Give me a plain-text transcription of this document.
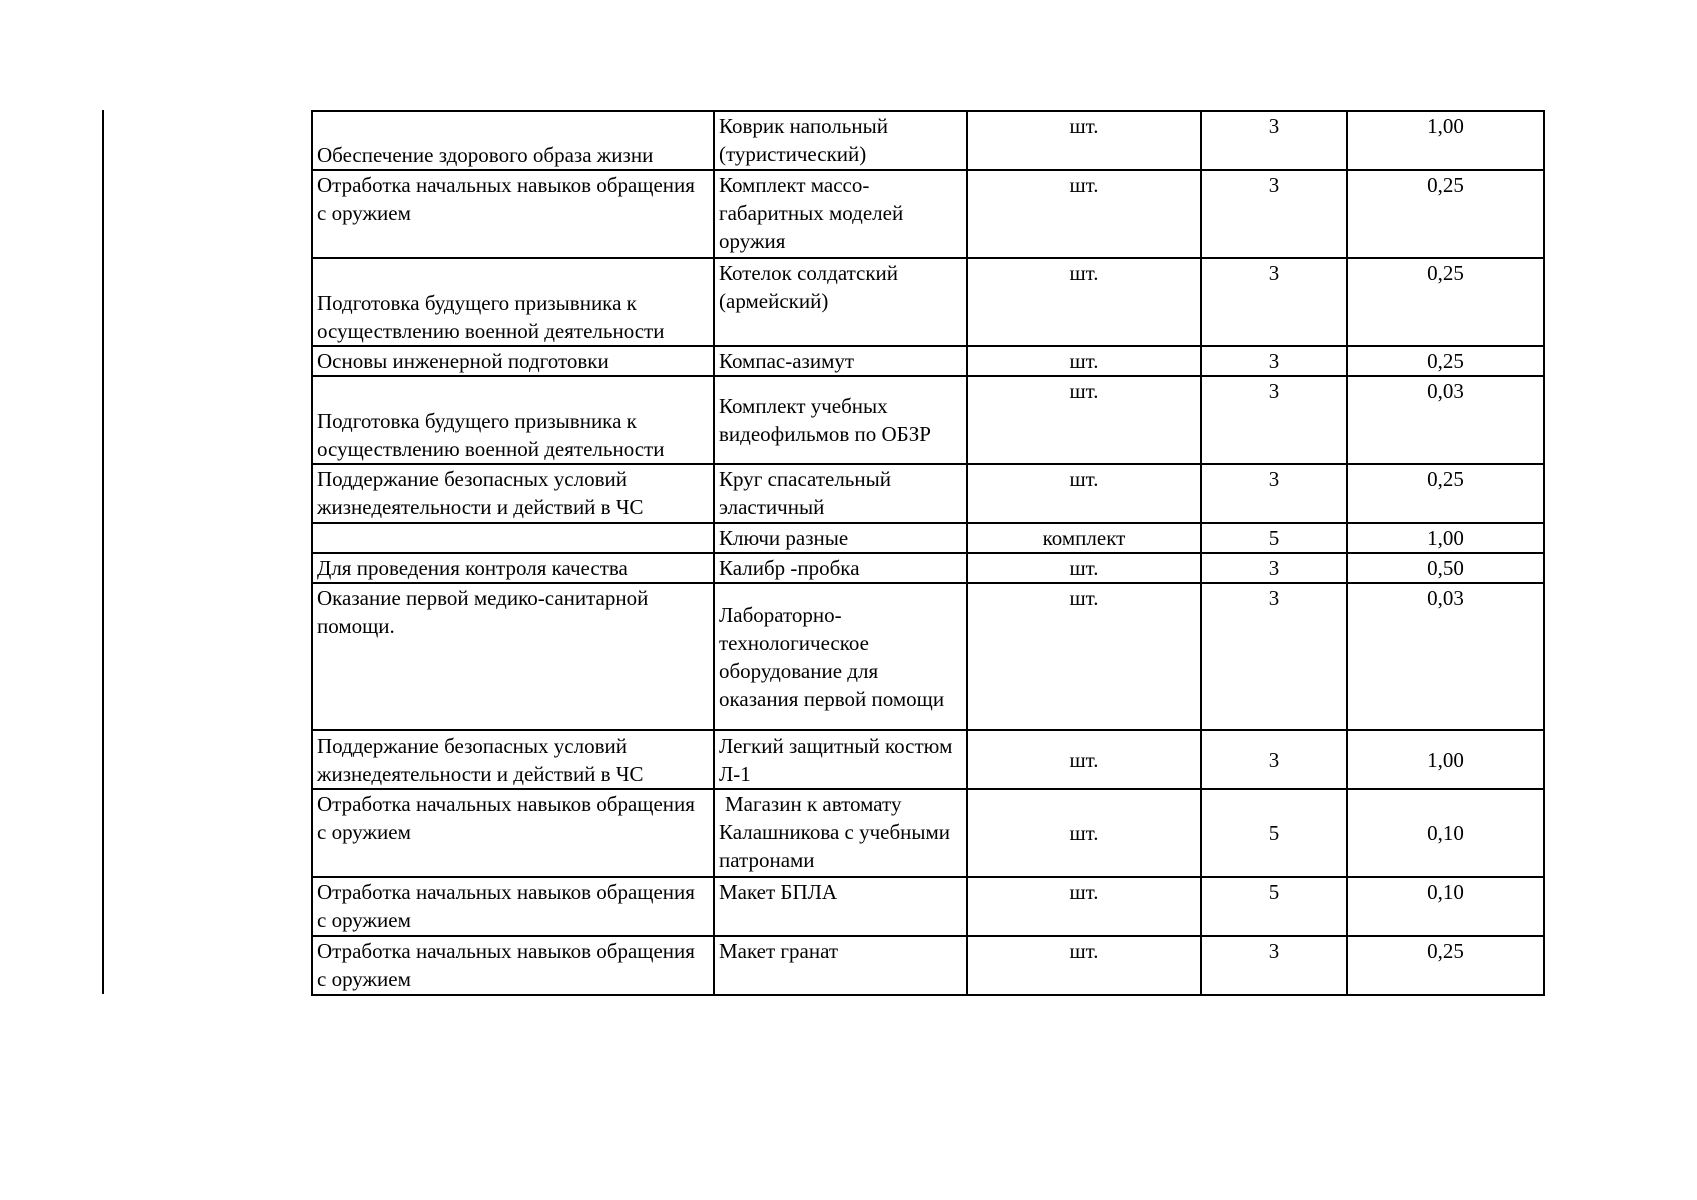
Обеспечение здорового образа жизни	Коврик напольный (туристический)	шт.	3	1,00
Отработка начальных навыков обращения с оружием	Комплект массо-габаритных моделей оружия	шт.	3	0,25
Подготовка будущего призывника к осуществлению военной деятельности	Котелок солдатский (армейский)	шт.	3	0,25
Основы инженерной подготовки	Компас-азимут	шт.	3	0,25
Подготовка будущего призывника к осуществлению военной деятельности	Комплект учебных видеофильмов по ОБЗР	шт.	3	0,03
Поддержание безопасных условий жизнедеятельности и действий в ЧС	Круг спасательный эластичный	шт.	3	0,25
	Ключи разные	комплект	5	1,00
Для проведения контроля качества	Калибр -пробка	шт.	3	0,50
Оказание первой медико-санитарной помощи.	Лабораторно-технологическое оборудование для оказания первой помощи	шт.	3	0,03
Поддержание безопасных условий жизнедеятельности и действий в ЧС	Легкий защитный костюм Л-1	шт.	3	1,00
Отработка начальных навыков обращения с оружием	Магазин к автомату Калашникова с учебными патронами	шт.	5	0,10
Отработка начальных навыков обращения с оружием	Макет БПЛА	шт.	5	0,10
Отработка начальных навыков обращения с оружием	Макет гранат	шт.	3	0,25
